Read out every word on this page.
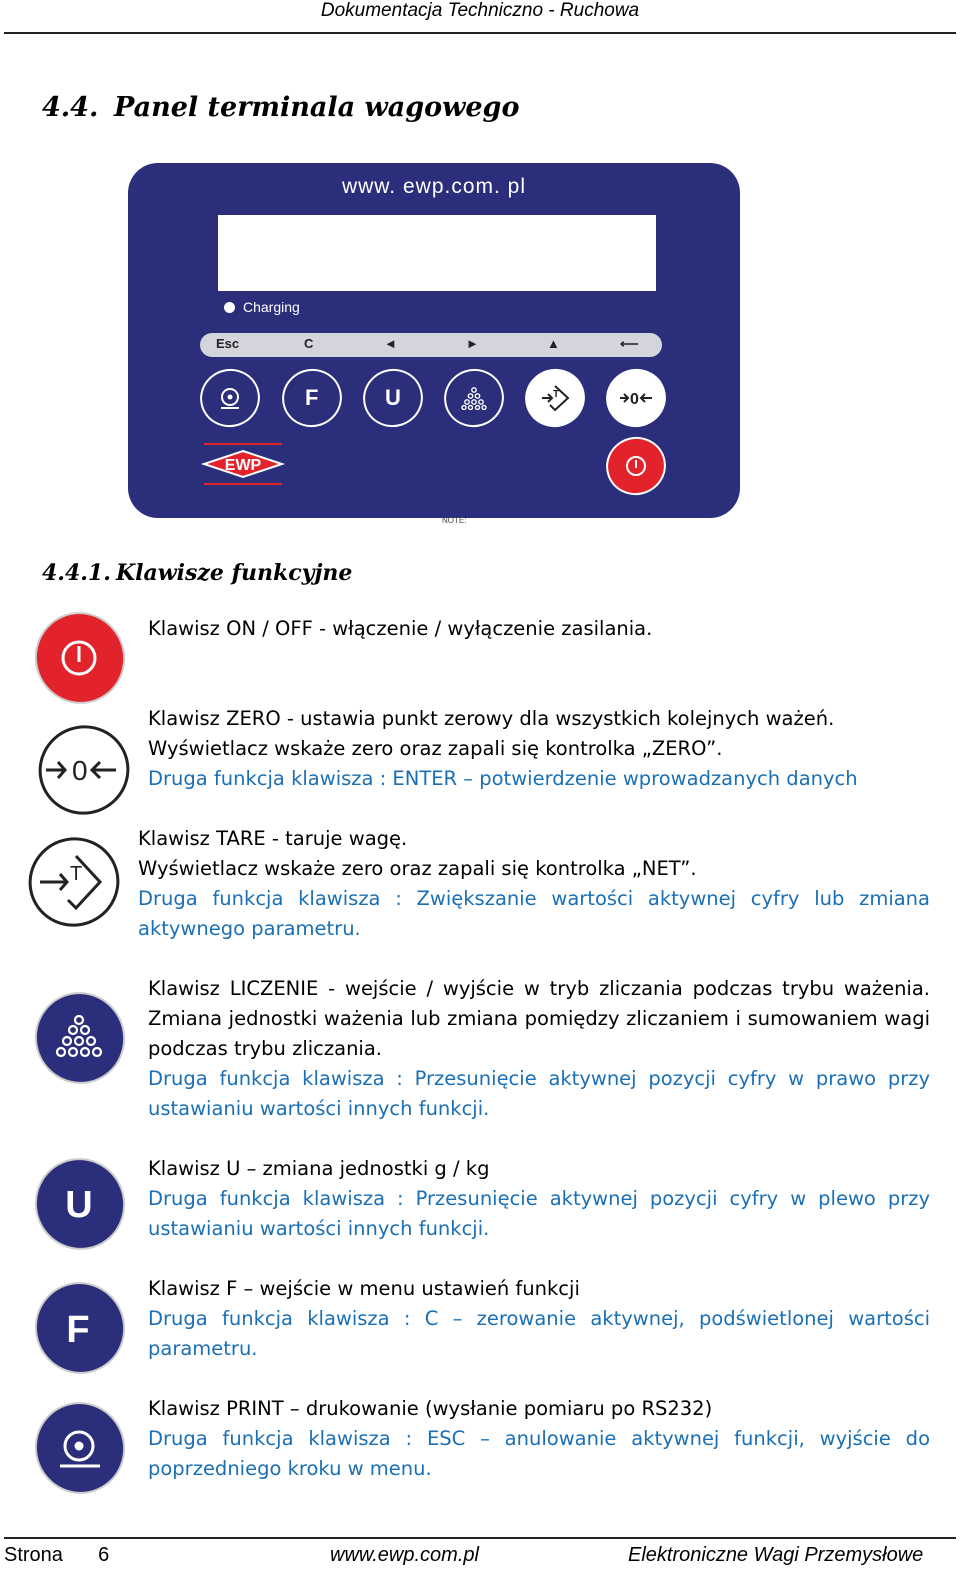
Dokumentacja Techniczno - Ruchowa
4.4. Panel terminala wagowego
www. ewp.com. pl
Charging
Esc	C	◄	►	▲	⟵
F	U	T	0
EWP
NOTE:
4.4.1. Klawisze funkcyjne
0
T
U
F

Klawisz ON / OFF - włączenie / wyłączenie zasilania.

Klawisz ZERO - ustawia punkt zerowy dla wszystkich kolejnych ważeń.

Wyświetlacz wskaże zero oraz zapali się kontrolka „ZERO”.

Druga funkcja klawisza : ENTER – potwierdzenie wprowadzanych danych

Klawisz TARE - taruje wagę.

Wyświetlacz wskaże zero oraz zapali się kontrolka „NET”.

Druga funkcja klawisza : Zwiększanie wartości aktywnej cyfry lub zmiana aktywnego parametru.

Klawisz LICZENIE - wejście / wyjście w tryb zliczania podczas trybu ważenia. Zmiana jednostki ważenia lub zmiana pomiędzy zliczaniem i sumowaniem wagi podczas trybu zliczania.

Druga funkcja klawisza : Przesunięcie aktywnej pozycji cyfry w prawo przy ustawianiu wartości innych funkcji.

Klawisz U – zmiana jednostki g / kg

Druga funkcja klawisza : Przesunięcie aktywnej pozycji cyfry w plewo przy ustawianiu wartości innych funkcji.

Klawisz F – wejście w menu ustawień funkcji

Druga funkcja klawisza : C – zerowanie aktywnej, podświetlonej wartości parametru.

Klawisz PRINT – drukowanie (wysłanie pomiaru po RS232)

Druga funkcja klawisza : ESC – anulowanie aktywnej funkcji, wyjście do poprzedniego kroku w menu.

Strona 6	www.ewp.com.pl	Elektroniczne Wagi Przemysłowe
